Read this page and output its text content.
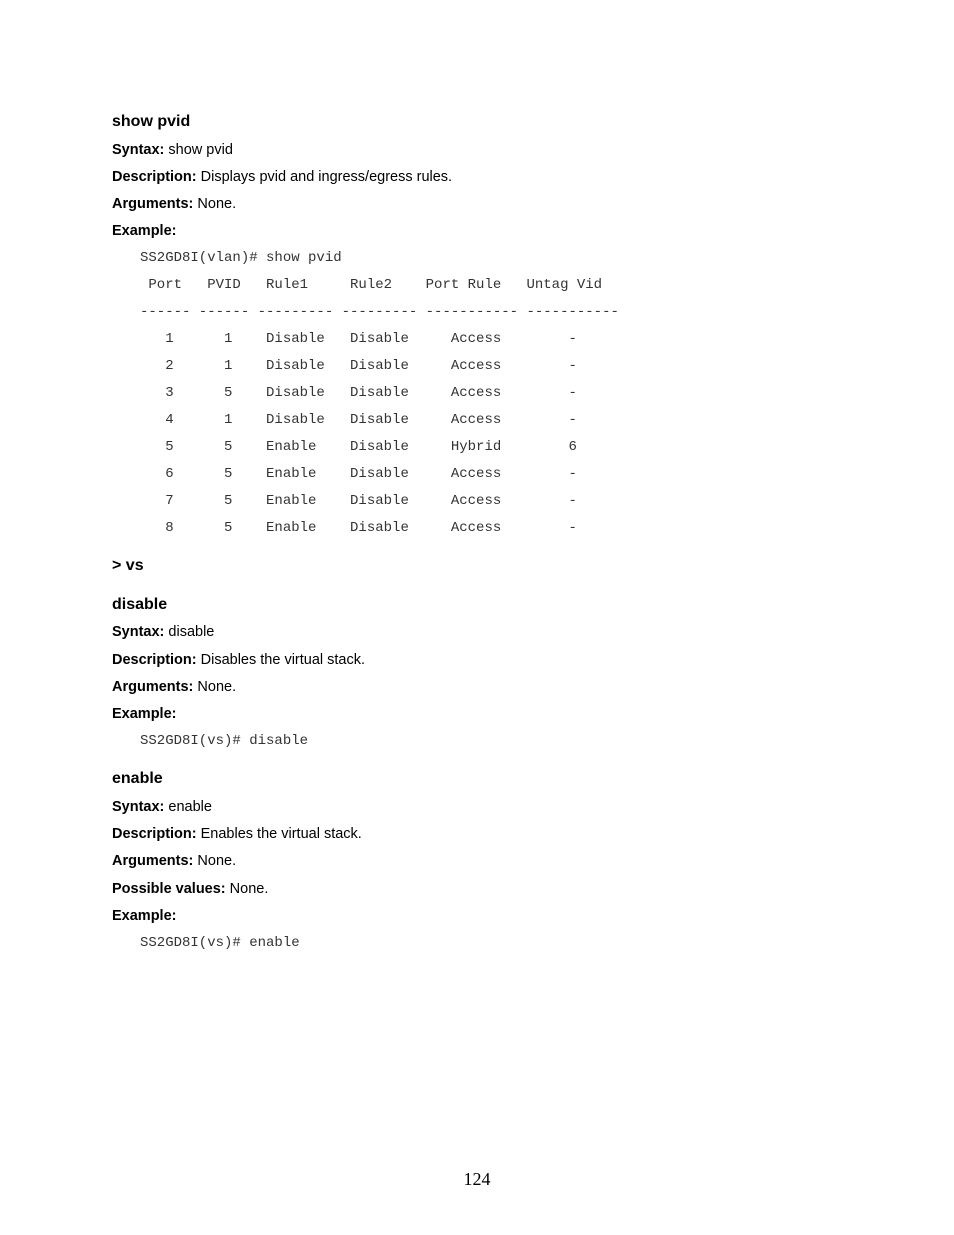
show pvid
Syntax: show pvid
Description: Displays pvid and ingress/egress rules.
Arguments: None.
Example:
SS2GD8I(vlan)# show pvid
Port   PVID   Rule1     Rule2    Port Rule   Untag Vid
------ ------ --------- --------- ----------- -----------
1      1    Disable   Disable     Access        -
2      1    Disable   Disable     Access        -
3      5    Disable   Disable     Access        -
4      1    Disable   Disable     Access        -
5      5    Enable    Disable     Hybrid        6
6      5    Enable    Disable     Access        -
7      5    Enable    Disable     Access        -
8      5    Enable    Disable     Access        -
> vs
disable
Syntax: disable
Description: Disables the virtual stack.
Arguments: None.
Example:
SS2GD8I(vs)# disable
enable
Syntax: enable
Description: Enables the virtual stack.
Arguments: None.
Possible values: None.
Example:
SS2GD8I(vs)# enable
124
